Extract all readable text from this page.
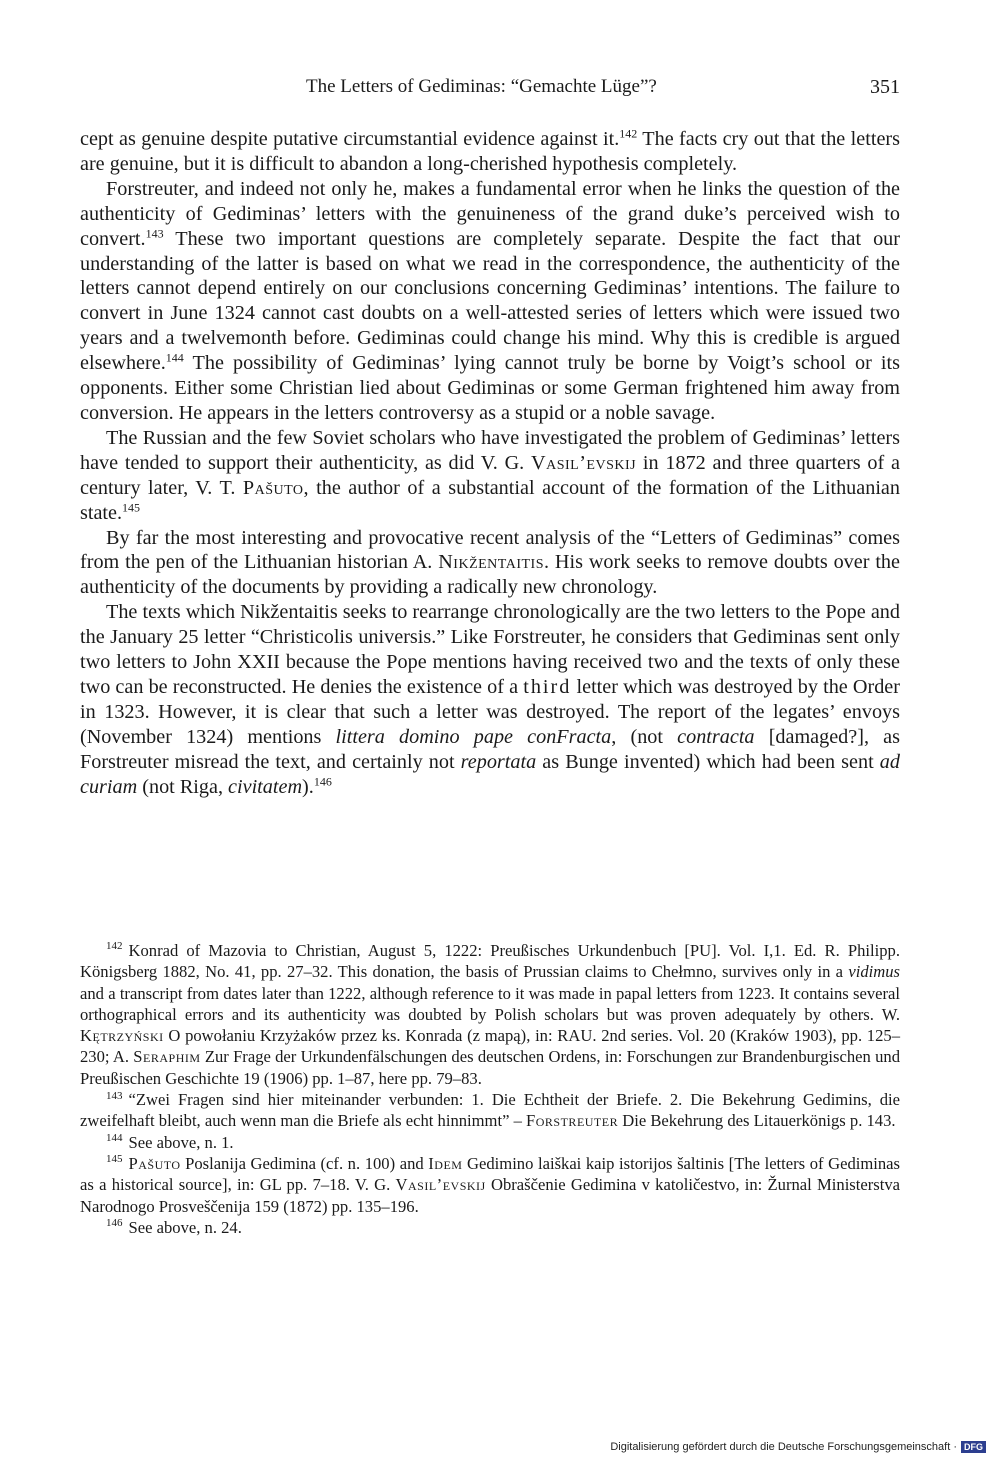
The Letters of Gediminas: “Gemachte Lüge”?	351

cept as genuine despite putative circumstantial evidence against it.$^{142}$ The facts cry out that the letters are genuine, but it is difficult to abandon a long-cherished hypothesis completely.

Forstreuter, and indeed not only he, makes a fundamental error when he links the question of the authenticity of Gediminas’ letters with the genuineness of the grand duke’s perceived wish to convert.$^{143}$ These two important questions are completely separate. Despite the fact that our understanding of the latter is based on what we read in the correspondence, the authenticity of the letters cannot depend entirely on our conclusions concerning Gediminas’ intentions. The failure to convert in June 1324 cannot cast doubts on a well-attested series of letters which were issued two years and a twelvemonth before. Gediminas could change his mind. Why this is credible is argued elsewhere.$^{144}$ The possibility of Gediminas’ lying cannot truly be borne by Voigt’s school or its opponents. Either some Christian lied about Gediminas or some German frightened him away from conversion. He appears in the letters controversy as a stupid or a noble savage.

The Russian and the few Soviet scholars who have investigated the problem of Gediminas’ letters have tended to support their authenticity, as did V. G. Vasil’evskij in 1872 and three quarters of a century later, V. T. Pašuto, the author of a substantial account of the formation of the Lithuanian state.$^{145}$

By far the most interesting and provocative recent analysis of the “Letters of Gediminas” comes from the pen of the Lithuanian historian A. Nikžentaitis. His work seeks to remove doubts over the authenticity of the documents by providing a radically new chronology.

The texts which Nikžentaitis seeks to rearrange chronologically are the two letters to the Pope and the January 25 letter “Christicolis universis.” Like Forstreuter, he considers that Gediminas sent only two letters to John XXII because the Pope mentions having received two and the texts of only these two can be reconstructed. He denies the existence of a third letter which was destroyed by the Order in 1323. However, it is clear that such a letter was destroyed. The report of the legates’ envoys (November 1324) mentions littera domino pape conFracta, (not contracta [damaged?], as Forstreuter misread the text, and certainly not reportata as Bunge invented) which had been sent ad curiam (not Riga, civitatem).$^{146}$

$^{142}$ Konrad of Mazovia to Christian, August 5, 1222: Preußisches Urkundenbuch [PU]. Vol. I,1. Ed. R. Philipp. Königsberg 1882, No. 41, pp. 27–32. This donation, the basis of Prussian claims to Chełmno, survives only in a vidimus and a transcript from dates later than 1222, although reference to it was made in papal letters from 1223. It contains several orthographical errors and its authenticity was doubted by Polish scholars but was proven adequately by others. W. Kętrzyński O powołaniu Krzyżaków przez ks. Konrada (z mapą), in: RAU. 2nd series. Vol. 20 (Kraków 1903), pp. 125–230; A. Seraphim Zur Frage der Urkundenfälschungen des deutschen Ordens, in: Forschungen zur Brandenburgischen und Preußischen Geschichte 19 (1906) pp. 1–87, here pp. 79–83.

$^{143}$ “Zwei Fragen sind hier miteinander verbunden: 1. Die Echtheit der Briefe. 2. Die Bekehrung Gedimins, die zweifelhaft bleibt, auch wenn man die Briefe als echt hinnimmt” – Forstreuter Die Bekehrung des Litauerkönigs p. 143.

$^{144}$ See above, n. 1.

$^{145}$ Pašuto Poslanija Gedimina (cf. n. 100) and Idem Gedimino laiškai kaip istorijos šaltinis [The letters of Gediminas as a historical source], in: GL pp. 7–18. V. G. Vasil’evskij Obraščenie Gedimina v katoličestvo, in: Žurnal Ministerstva Narodnogo Prosveščenija 159 (1872) pp. 135–196.

$^{146}$ See above, n. 24.

Digitalisierung gefördert durch die Deutsche Forschungsgemeinschaft · DFG
